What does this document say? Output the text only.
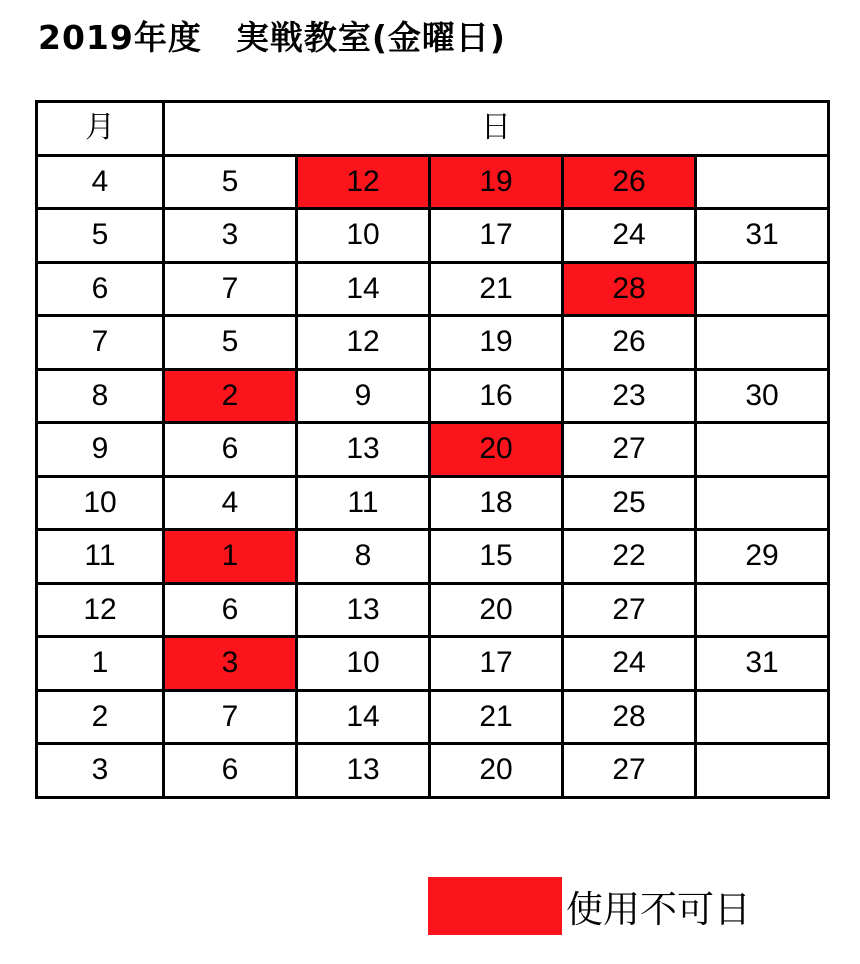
2019年度　実戦教室(金曜日)
月	日				
4	5	12	19	26	
5	3	10	17	24	31
6	7	14	21	28	
7	5	12	19	26	
8	2	9	16	23	30
9	6	13	20	27	
10	4	11	18	25	
11	1	8	15	22	29
12	6	13	20	27	
1	3	10	17	24	31
2	7	14	21	28	
3	6	13	20	27	
使用不可日
